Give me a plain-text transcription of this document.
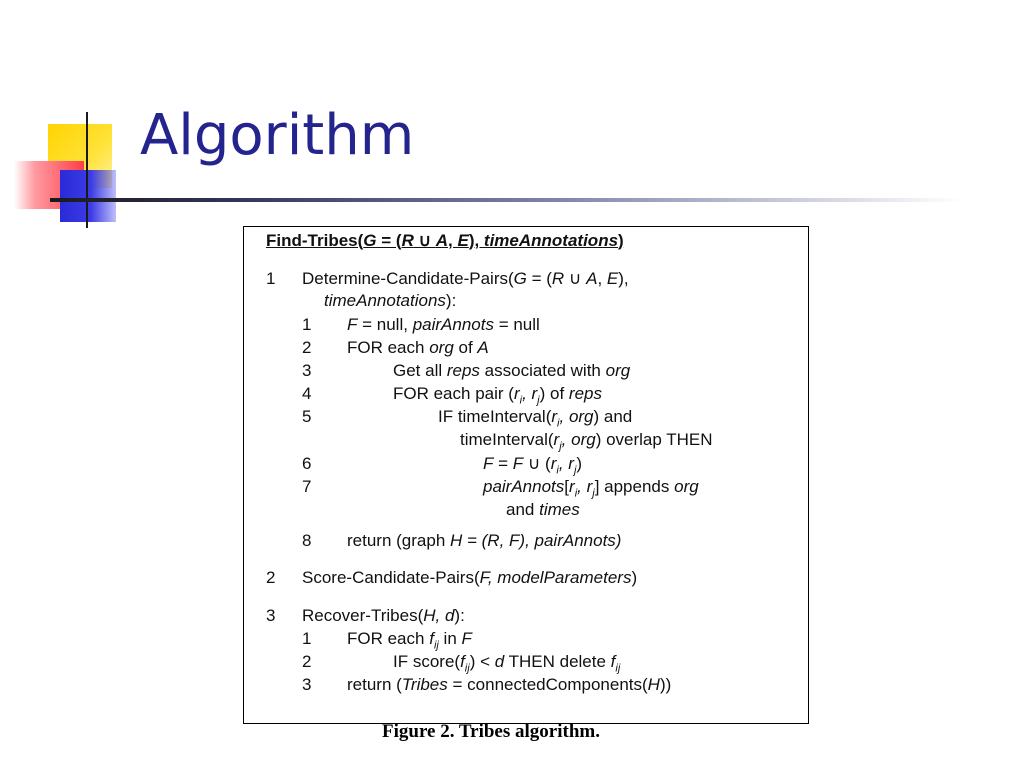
Algorithm
Find-Tribes(G = (R ∪ A, E), timeAnnotations)
1 Determine-Candidate-Pairs(G = (R ∪ A, E),
timeAnnotations):
1 F = null, pairAnnots = null
2 FOR each org of A
3	Get all reps associated with org
4	FOR each pair ($r_i$, $r_j$) of reps
5	IF $timeInterval(r_i$, org) and
$timeInterval(r_j$, org) overlap THEN
6	F = F ∪ ($r_i$, $r_j$)
7	$pairAnnots[r_i$, $r_j$] appends org
and times
8 return (graph H = (R, F), pairAnnots)
2 Score-Candidate-Pairs(F, modelParameters)
3 Recover-Tribes(H, d):
1 FOR each $f_{ij}$ in F
2	IF $score(f_{ij}) < d$ THEN delete $f_{ij}$
3 return (Tribes = connectedComponents(H))
Figure 2. Tribes algorithm.
